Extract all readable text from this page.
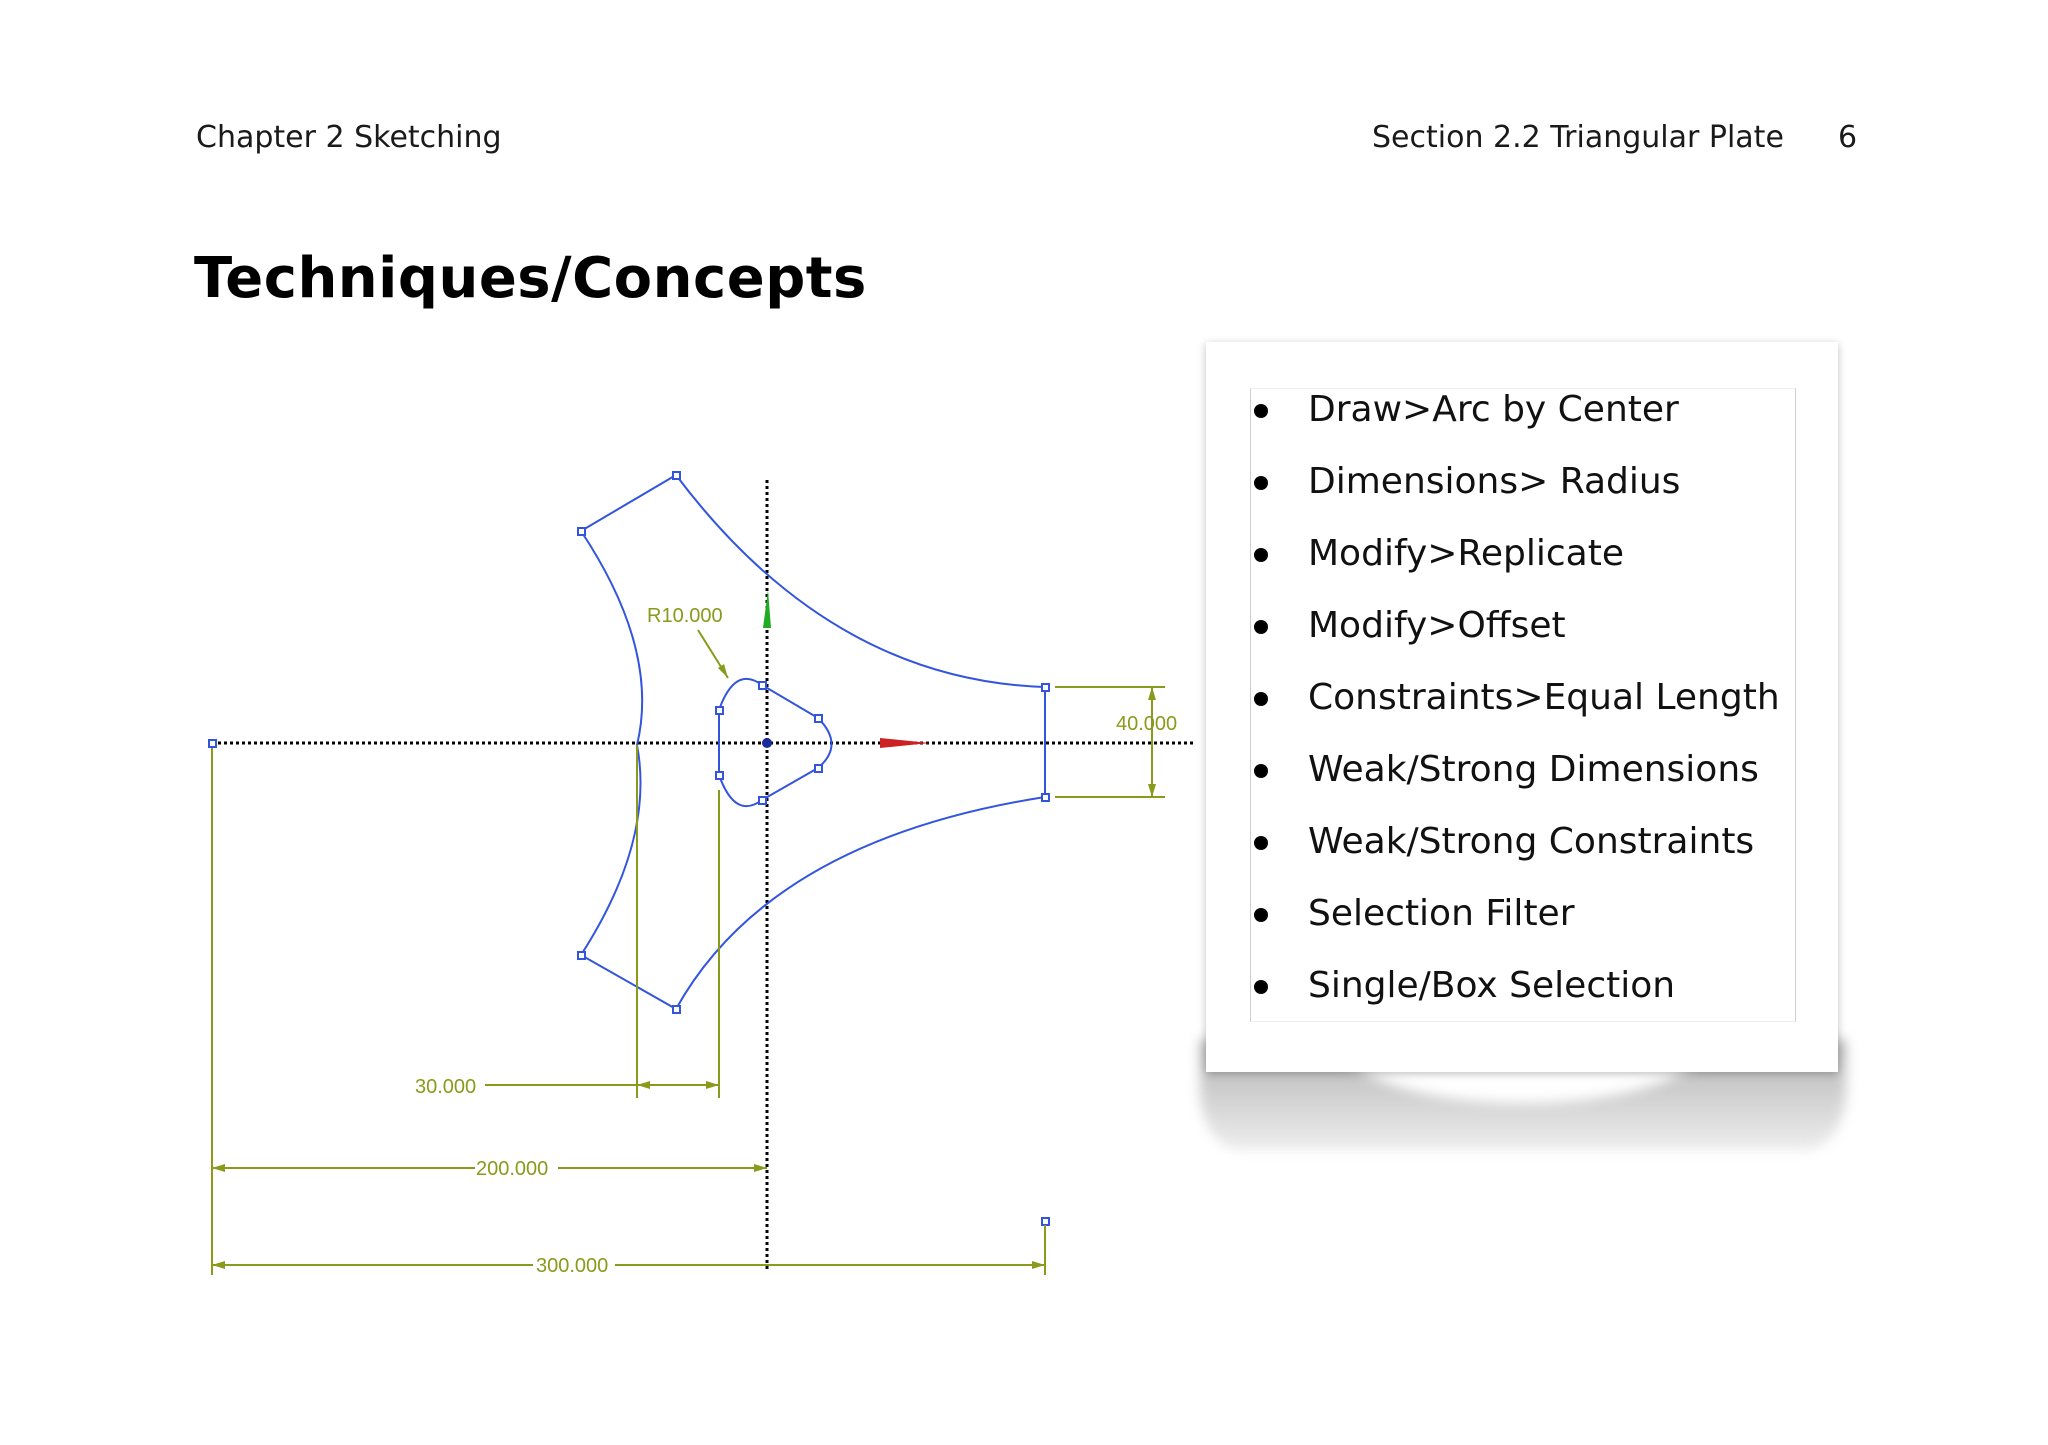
Chapter 2 Sketching	Section 2.2 Triangular Plate 6
Techniques/Concepts
R10.000
40.000
30.000
200.000
300.000
Draw>Arc by Center
Dimensions> Radius
Modify>Replicate
Modify>Offset
Constraints>Equal Length
Weak/Strong Dimensions
Weak/Strong Constraints
Selection Filter
Single/Box Selection
